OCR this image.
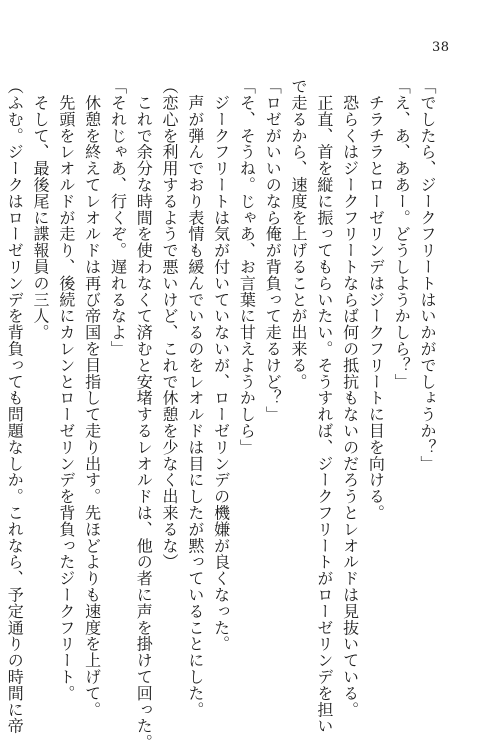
38
「でしたら、ジークフリートはいかがでしょうか？」
「え、あ、ああー。どうしようかしら？」
　チラチラとローゼリンデはジークフリートに目を向ける。
　恐らくはジークフリートならば何の抵抗もないのだろうとレオルドは見抜いている。
　正直、首を縦に振ってもらいたい。そうすれば、ジークフリートがローゼリンデを担い
で走るから、速度を上げることが出来る。
「ロゼがいいのなら俺が背負って走るけど？」
「そ、そうね。じゃあ、お言葉に甘えようかしら」
　ジークフリートは気が付いていないが、ローゼリンデの機嫌が良くなった。
　声が弾んでおり表情も緩んでいるのをレオルドは目にしたが黙っていることにした。
（恋心を利用するようで悪いけど、これで休憩を少なく出来るな）
　これで余分な時間を使わなくて済むと安堵するレオルドは、他の者に声を掛けて回った。
「それじゃあ、行くぞ。遅れるなよ」
　休憩を終えてレオルドは再び帝国を目指して走り出す。先ほどよりも速度を上げて。
　先頭をレオルドが走り、後続にカレンとローゼリンデを背負ったジークフリート。
　そして、最後尾に諜報員の三人。
（ふむ。ジークはローゼリンデを背負っても問題なしか。これなら、予定通りの時間に帝
